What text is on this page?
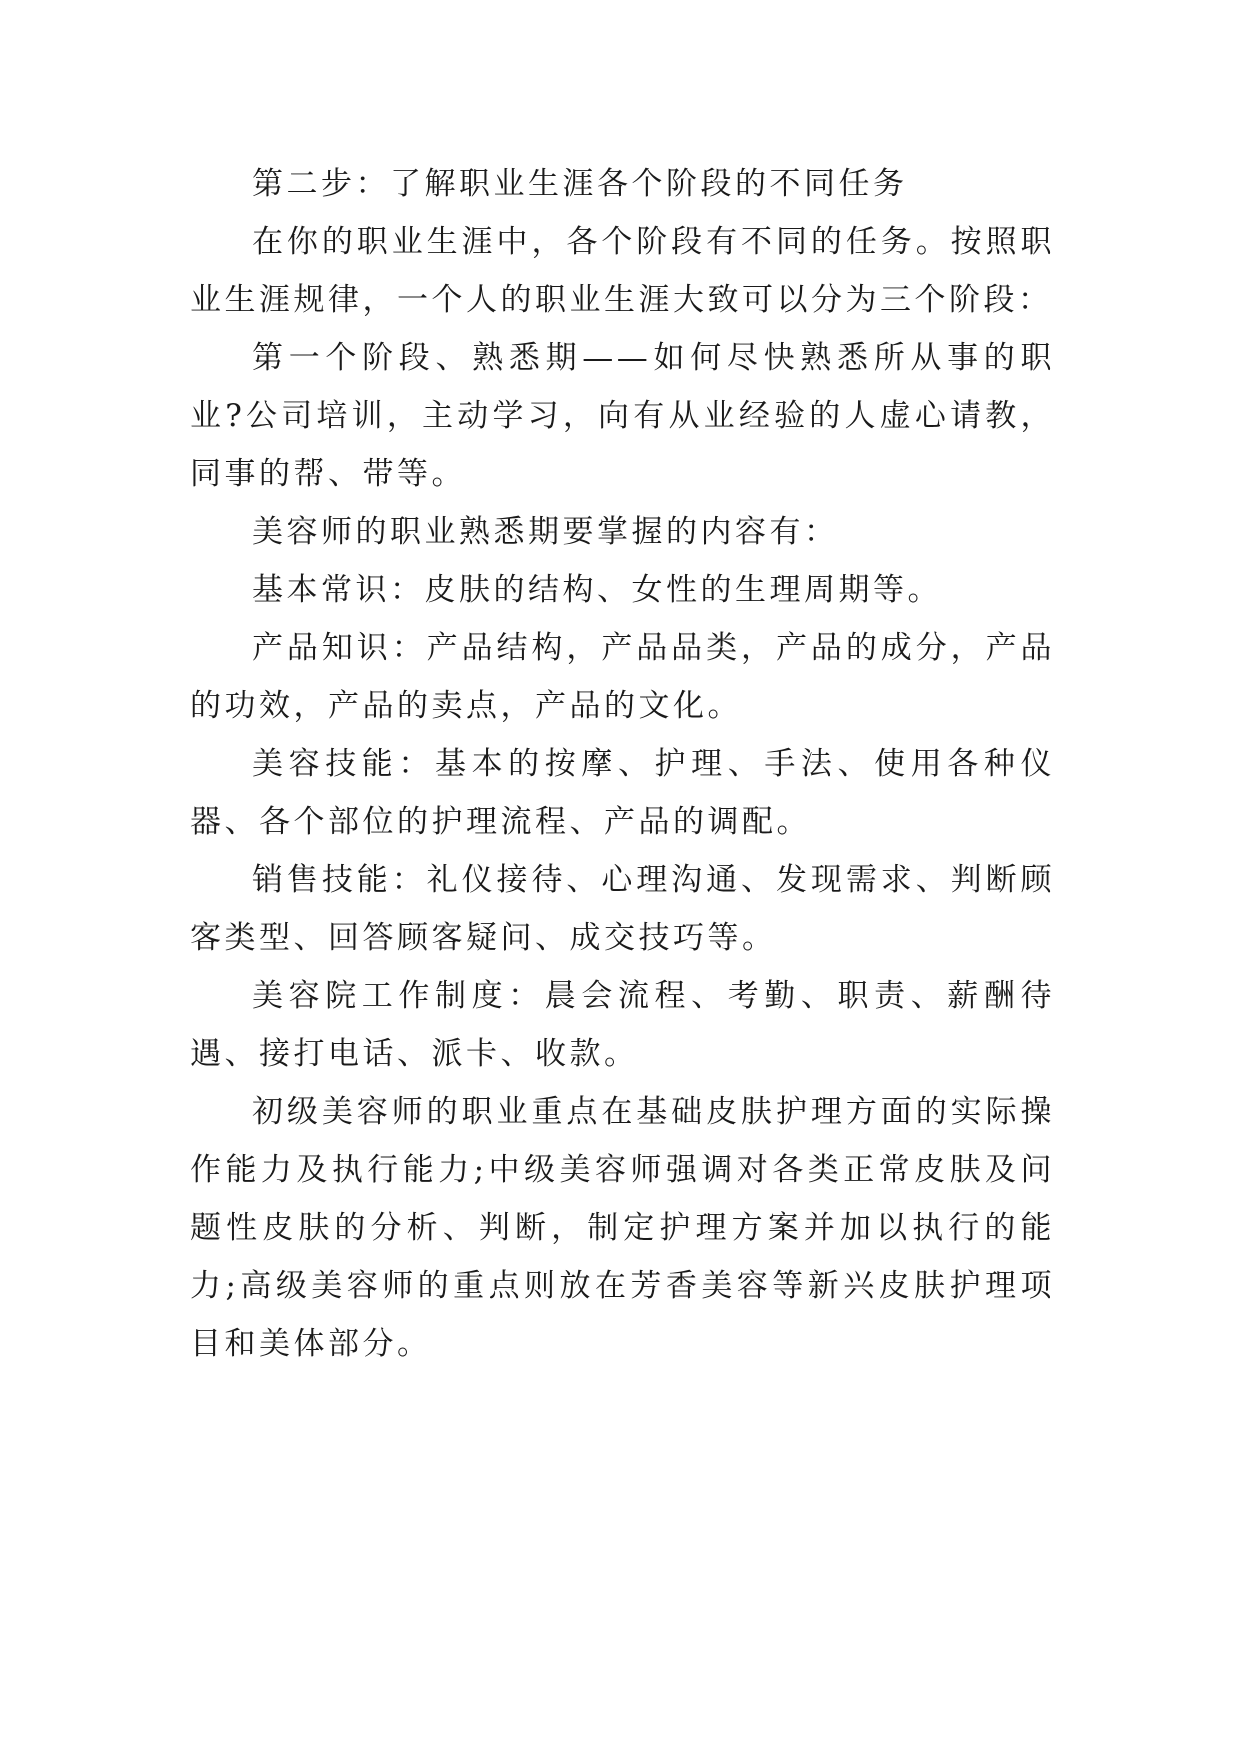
第二步：了解职业生涯各个阶段的不同任务

在你的职业生涯中，各个阶段有不同的任务。按照职业生涯规律，一个人的职业生涯大致可以分为三个阶段：

第一个阶段、熟悉期——如何尽快熟悉所从事的职业?公司培训，主动学习，向有从业经验的人虚心请教，同事的帮、带等。

美容师的职业熟悉期要掌握的内容有：

基本常识：皮肤的结构、女性的生理周期等。

产品知识：产品结构，产品品类，产品的成分，产品的功效，产品的卖点，产品的文化。

美容技能：基本的按摩、护理、手法、使用各种仪器、各个部位的护理流程、产品的调配。

销售技能：礼仪接待、心理沟通、发现需求、判断顾客类型、回答顾客疑问、成交技巧等。

美容院工作制度：晨会流程、考勤、职责、薪酬待遇、接打电话、派卡、收款。

初级美容师的职业重点在基础皮肤护理方面的实际操作能力及执行能力;中级美容师强调对各类正常皮肤及问题性皮肤的分析、判断，制定护理方案并加以执行的能力;高级美容师的重点则放在芳香美容等新兴皮肤护理项目和美体部分。
